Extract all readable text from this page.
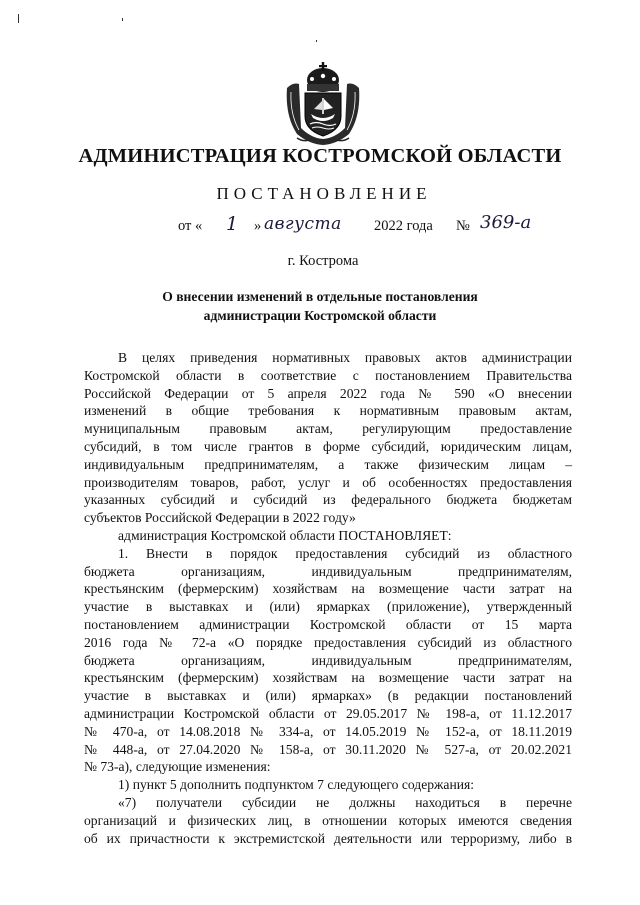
АДМИНИСТРАЦИЯ КОСТРОМСКОЙ ОБЛАСТИ
ПОСТАНОВЛЕНИЕ
от « 1 » августа 2022 года № 369-а
г. Кострома
О внесении изменений в отдельные постановления
администрации Костромской области
В целях приведения нормативных правовых актов администрации
Костромской области в соответствие с постановлением Правительства
Российской Федерации от 5 апреля 2022 года № 590 «О внесении
изменений в общие требования к нормативным правовым актам,
муниципальным правовым актам, регулирующим предоставление
субсидий, в том числе грантов в форме субсидий, юридическим лицам,
индивидуальным предпринимателям, а также физическим лицам –
производителям товаров, работ, услуг и об особенностях предоставления
указанных субсидий и субсидий из федерального бюджета бюджетам
субъектов Российской Федерации в 2022 году»
администрация Костромской области ПОСТАНОВЛЯЕТ:
1. Внести в порядок предоставления субсидий из областного
бюджета организациям, индивидуальным предпринимателям,
крестьянским (фермерским) хозяйствам на возмещение части затрат на
участие в выставках и (или) ярмарках (приложение), утвержденный
постановлением администрации Костромской области от 15 марта
2016 года № 72-а «О порядке предоставления субсидий из областного
бюджета организациям, индивидуальным предпринимателям,
крестьянским (фермерским) хозяйствам на возмещение части затрат на
участие в выставках и (или) ярмарках» (в редакции постановлений
администрации Костромской области от 29.05.2017 № 198-а, от 11.12.2017
№ 470-а, от 14.08.2018 № 334-а, от 14.05.2019 № 152-а, от 18.11.2019
№ 448-а, от 27.04.2020 № 158-а, от 30.11.2020 № 527-а, от 20.02.2021
№ 73-а), следующие изменения:
1) пункт 5 дополнить подпунктом 7 следующего содержания:
«7) получатели субсидии не должны находиться в перечне
организаций и физических лиц, в отношении которых имеются сведения
об их причастности к экстремистской деятельности или терроризму, либо в
